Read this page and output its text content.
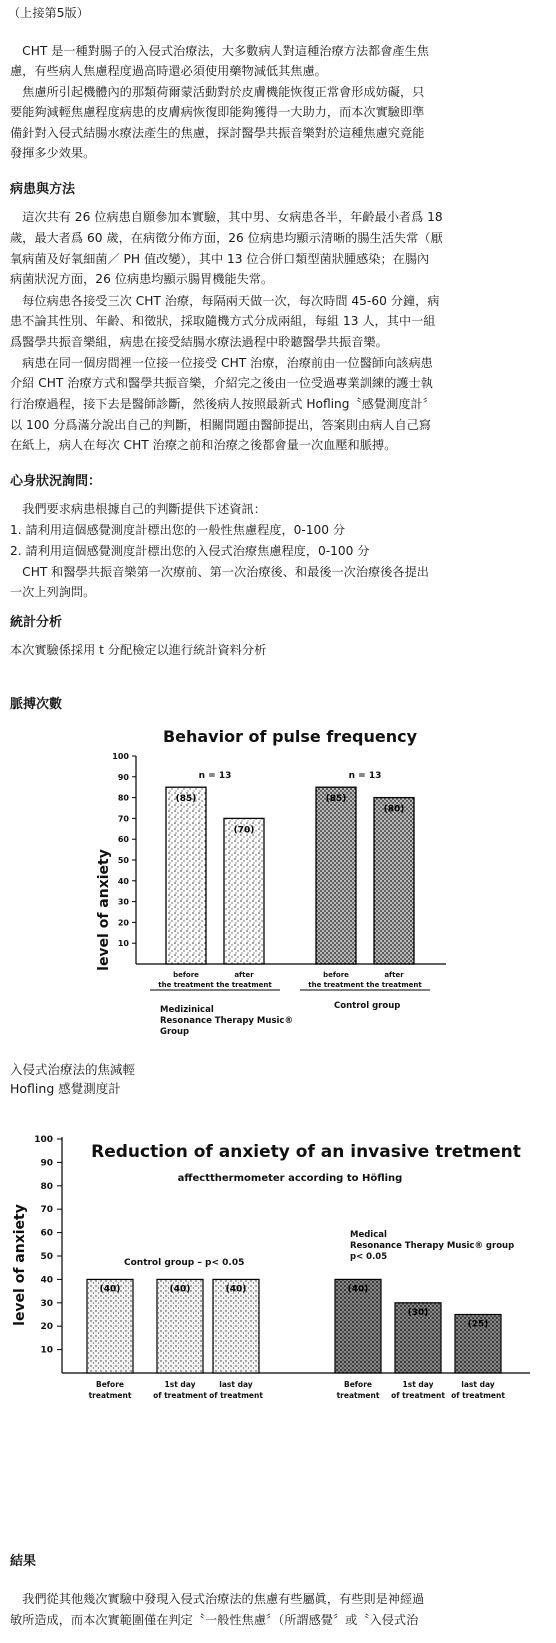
（上接第5版）
　CHT 是一種對腸子的入侵式治療法，大多數病人對這種治療方法都會產生焦
慮，有些病人焦慮程度過高時還必須使用藥物減低其焦慮。
　焦慮所引起機體內的那類荷爾蒙活動對於皮膚機能恢復正常會形成妨礙，只
要能夠減輕焦慮程度病患的皮膚病恢復即能夠獲得一大助力，而本次實驗即準
備針對入侵式結腸水療法產生的焦慮，探討醫學共振音樂對於這種焦慮究竟能
發揮多少效果。
病患與方法
　這次共有 26 位病患自願參加本實驗，其中男、女病患各半，年齡最小者爲 18
歲，最大者爲 60 歲，在病徵分佈方面，26 位病患均顯示清晰的腸生活失常（厭
氧病菌及好氧細菌／ PH 值改變），其中 13 位合併口類型菌狀腫感染；在腸內
病菌狀況方面，26 位病患均顯示腸胃機能失常。
　每位病患各接受三次 CHT 治療，每隔兩天做一次，每次時間 45-60 分鐘，病
患不論其性別、年齡、和徵狀，採取隨機方式分成兩組，每組 13 人，其中一組
爲醫學共振音樂組，病患在接受結腸水療法過程中聆聽醫學共振音樂。
　病患在同一個房間裡一位接一位接受 CHT 治療，治療前由一位醫師向該病患
介紹 CHT 治療方式和醫學共振音樂，介紹完之後由一位受過專業訓練的護士執
行治療過程，接下去是醫師診斷，然後病人按照最新式 Hofling〝感覺測度計〞
以 100 分爲滿分說出自己的判斷，相關問題由醫師提出，答案則由病人自己寫
在紙上，病人在每次 CHT 治療之前和治療之後都會量一次血壓和脈搏。
心身狀況詢問：
　我們要求病患根據自己的判斷提供下述資訊：
1. 請利用這個感覺測度計標出您的一般性焦慮程度，0-100 分
2. 請利用這個感覺測度計標出您的入侵式治療焦慮程度，0-100 分
　CHT 和醫學共振音樂第一次療前、第一次治療後、和最後一次治療後各提出
一次上列詢問。
統計分析
本次實驗係採用 t 分配檢定以進行統計資料分析
脈搏次數
Behavior of pulse frequency
level of anxiety 10
20
30
40
50
60
70
80
90
100
(85)
(70)
(85)
(80)
n = 13	n = 13
before
the treatment
after
the treatment
before
the treatment
after
the treatment
Medizinical Resonance Therapy Music® Group
Control group
入侵式治療法的焦減輕
Hofling 感覺測度計
Reduction of anxiety of an invasive tretment
affectthermometer according to Höfling
level of anxiety
10
20
30
40
50
60
70
80
90
100
(40)	(40)	(40)	(40)
(30)
(25)
Control group – p< 0.05
Medical Resonance Therapy Music® group p< 0.05
Before
treatment
1st day
of treatment
last day
of treatment
Before
treatment
1st day
of treatment
last day
of treatment
結果
　我們從其他幾次實驗中發現入侵式治療法的焦慮有些屬眞，有些則是神經過
敏所造成，而本次實範圍僅在判定〝一般性焦慮〞（所謂感覺〞或〝入侵式治
